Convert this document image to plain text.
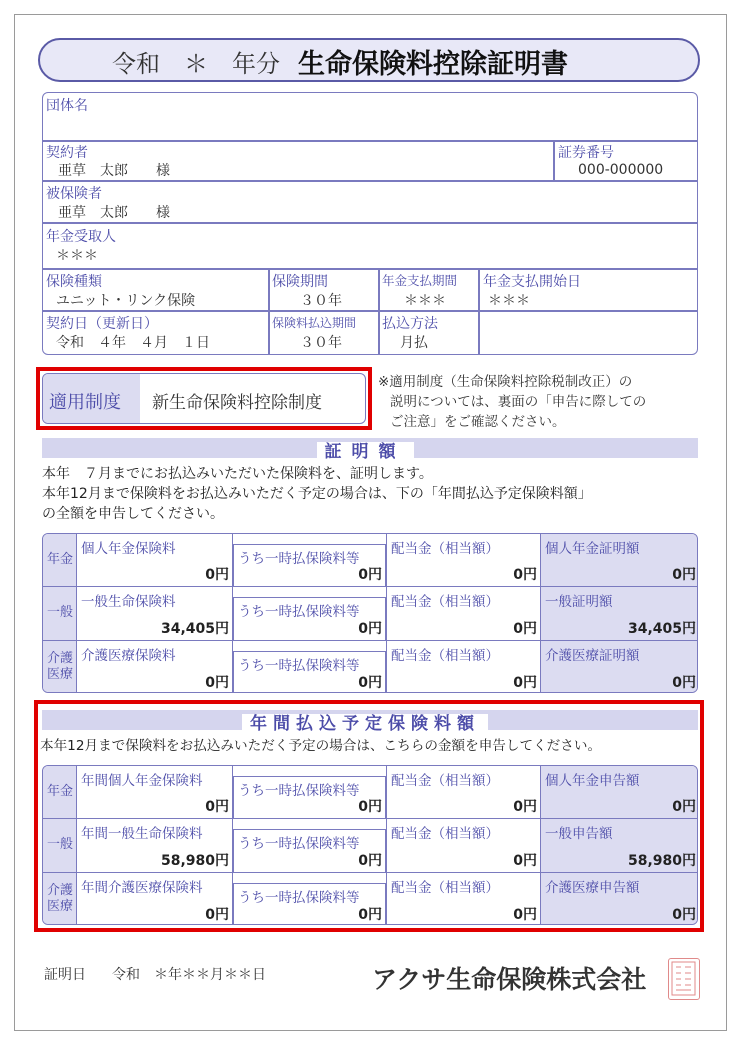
令和　＊　年分 生命保険料控除証明書
団体名
契約者
亜草　太郎　　様
証券番号
000-000000
被保険者
亜草　太郎　　様
年金受取人
＊＊＊
保険種類
ユニット・リンク保険
保険期間
３０年
年金支払期間
＊＊＊
年金支払開始日
＊＊＊
契約日（更新日）
令和　４年　４月　１日
保険料払込期間
３０年
払込方法
月払
適用制度 新生命保険料控除制度
※適用制度（生命保険料控除税制改正）の
説明については、裏面の「申告に際しての
ご注意」をご確認ください。
証明額
本年　７月までにお払込みいただいた保険料を、証明します。
本年12月まで保険料をお払込みいただく予定の場合は、下の「年間払込予定保険料額」
の全額を申告してください。
年金
個人年金保険料
0円
うち一時払保険料等
0円
配当金（相当額）
0円
個人年金証明額
0円
一般
一般生命保険料
34,405円
うち一時払保険料等
0円
配当金（相当額）
0円
一般証明額
34,405円
介護
医療
介護医療保険料
0円
うち一時払保険料等
0円
配当金（相当額）
0円
介護医療証明額
0円
年間払込予定保険料額
本年12月まで保険料をお払込みいただく予定の場合は、こちらの金額を申告してください。
年金
年間個人年金保険料
0円
うち一時払保険料等
0円
配当金（相当額）
0円
個人年金申告額
0円
一般
年間一般生命保険料
58,980円
うち一時払保険料等
0円
配当金（相当額）
0円
一般申告額
58,980円
介護
医療
年間介護医療保険料
0円
うち一時払保険料等
0円
配当金（相当額）
0円
介護医療申告額
0円
証明日 令和　＊年＊＊月＊＊日	アクサ生命保険株式会社
